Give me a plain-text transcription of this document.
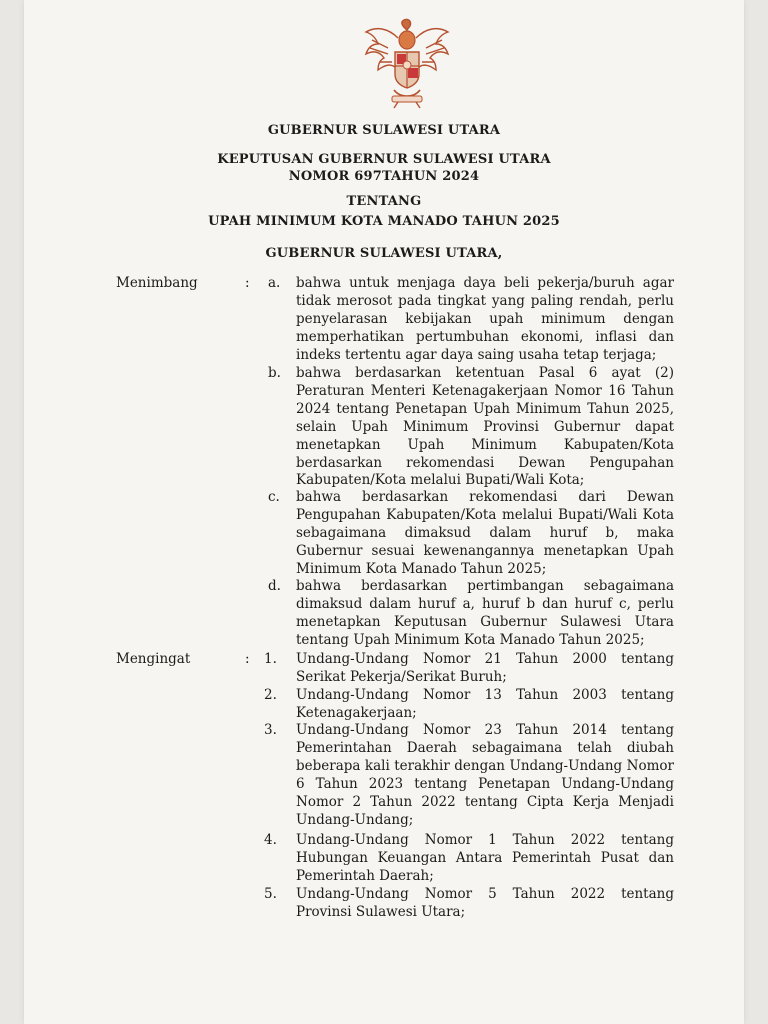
GUBERNUR SULAWESI UTARA
KEPUTUSAN GUBERNUR SULAWESI UTARA
NOMOR 697TAHUN 2024
TENTANG
UPAH MINIMUM KOTA MANADO TAHUN 2025
GUBERNUR SULAWESI UTARA,
Menimbang	: a. bahwa untuk menjaga daya beli pekerja/buruh agar tidak merosot pada tingkat yang paling rendah, perlu penyelarasan kebijakan upah minimum dengan memperhatikan pertumbuhan ekonomi, inflasi dan indeks tertentu agar daya saing usaha tetap terjaga;
b. bahwa berdasarkan ketentuan Pasal 6 ayat (2) Peraturan Menteri Ketenagakerjaan Nomor 16 Tahun 2024 tentang Penetapan Upah Minimum Tahun 2025, selain Upah Minimum Provinsi Gubernur dapat menetapkan Upah Minimum Kabupaten/Kota berdasarkan rekomendasi Dewan Pengupahan Kabupaten/Kota melalui Bupati/Wali Kota;
c. bahwa berdasarkan rekomendasi dari Dewan Pengupahan Kabupaten/Kota melalui Bupati/Wali Kota sebagaimana dimaksud dalam huruf b, maka Gubernur sesuai kewenangannya menetapkan Upah Minimum Kota Manado Tahun 2025;
d. bahwa berdasarkan pertimbangan sebagaimana dimaksud dalam huruf a, huruf b dan huruf c, perlu menetapkan Keputusan Gubernur Sulawesi Utara tentang Upah Minimum Kota Manado Tahun 2025;
Mengingat	: 1. Undang-Undang Nomor 21 Tahun 2000 tentang Serikat Pekerja/Serikat Buruh;
2. Undang-Undang Nomor 13 Tahun 2003 tentang Ketenagakerjaan;
3. Undang-Undang Nomor 23 Tahun 2014 tentang Pemerintahan Daerah sebagaimana telah diubah beberapa kali terakhir dengan Undang-Undang Nomor 6 Tahun 2023 tentang Penetapan Undang-Undang Nomor 2 Tahun 2022 tentang Cipta Kerja Menjadi Undang-Undang;
4. Undang-Undang Nomor 1 Tahun 2022 tentang Hubungan Keuangan Antara Pemerintah Pusat dan Pemerintah Daerah;
5. Undang-Undang Nomor 5 Tahun 2022 tentang Provinsi Sulawesi Utara;
